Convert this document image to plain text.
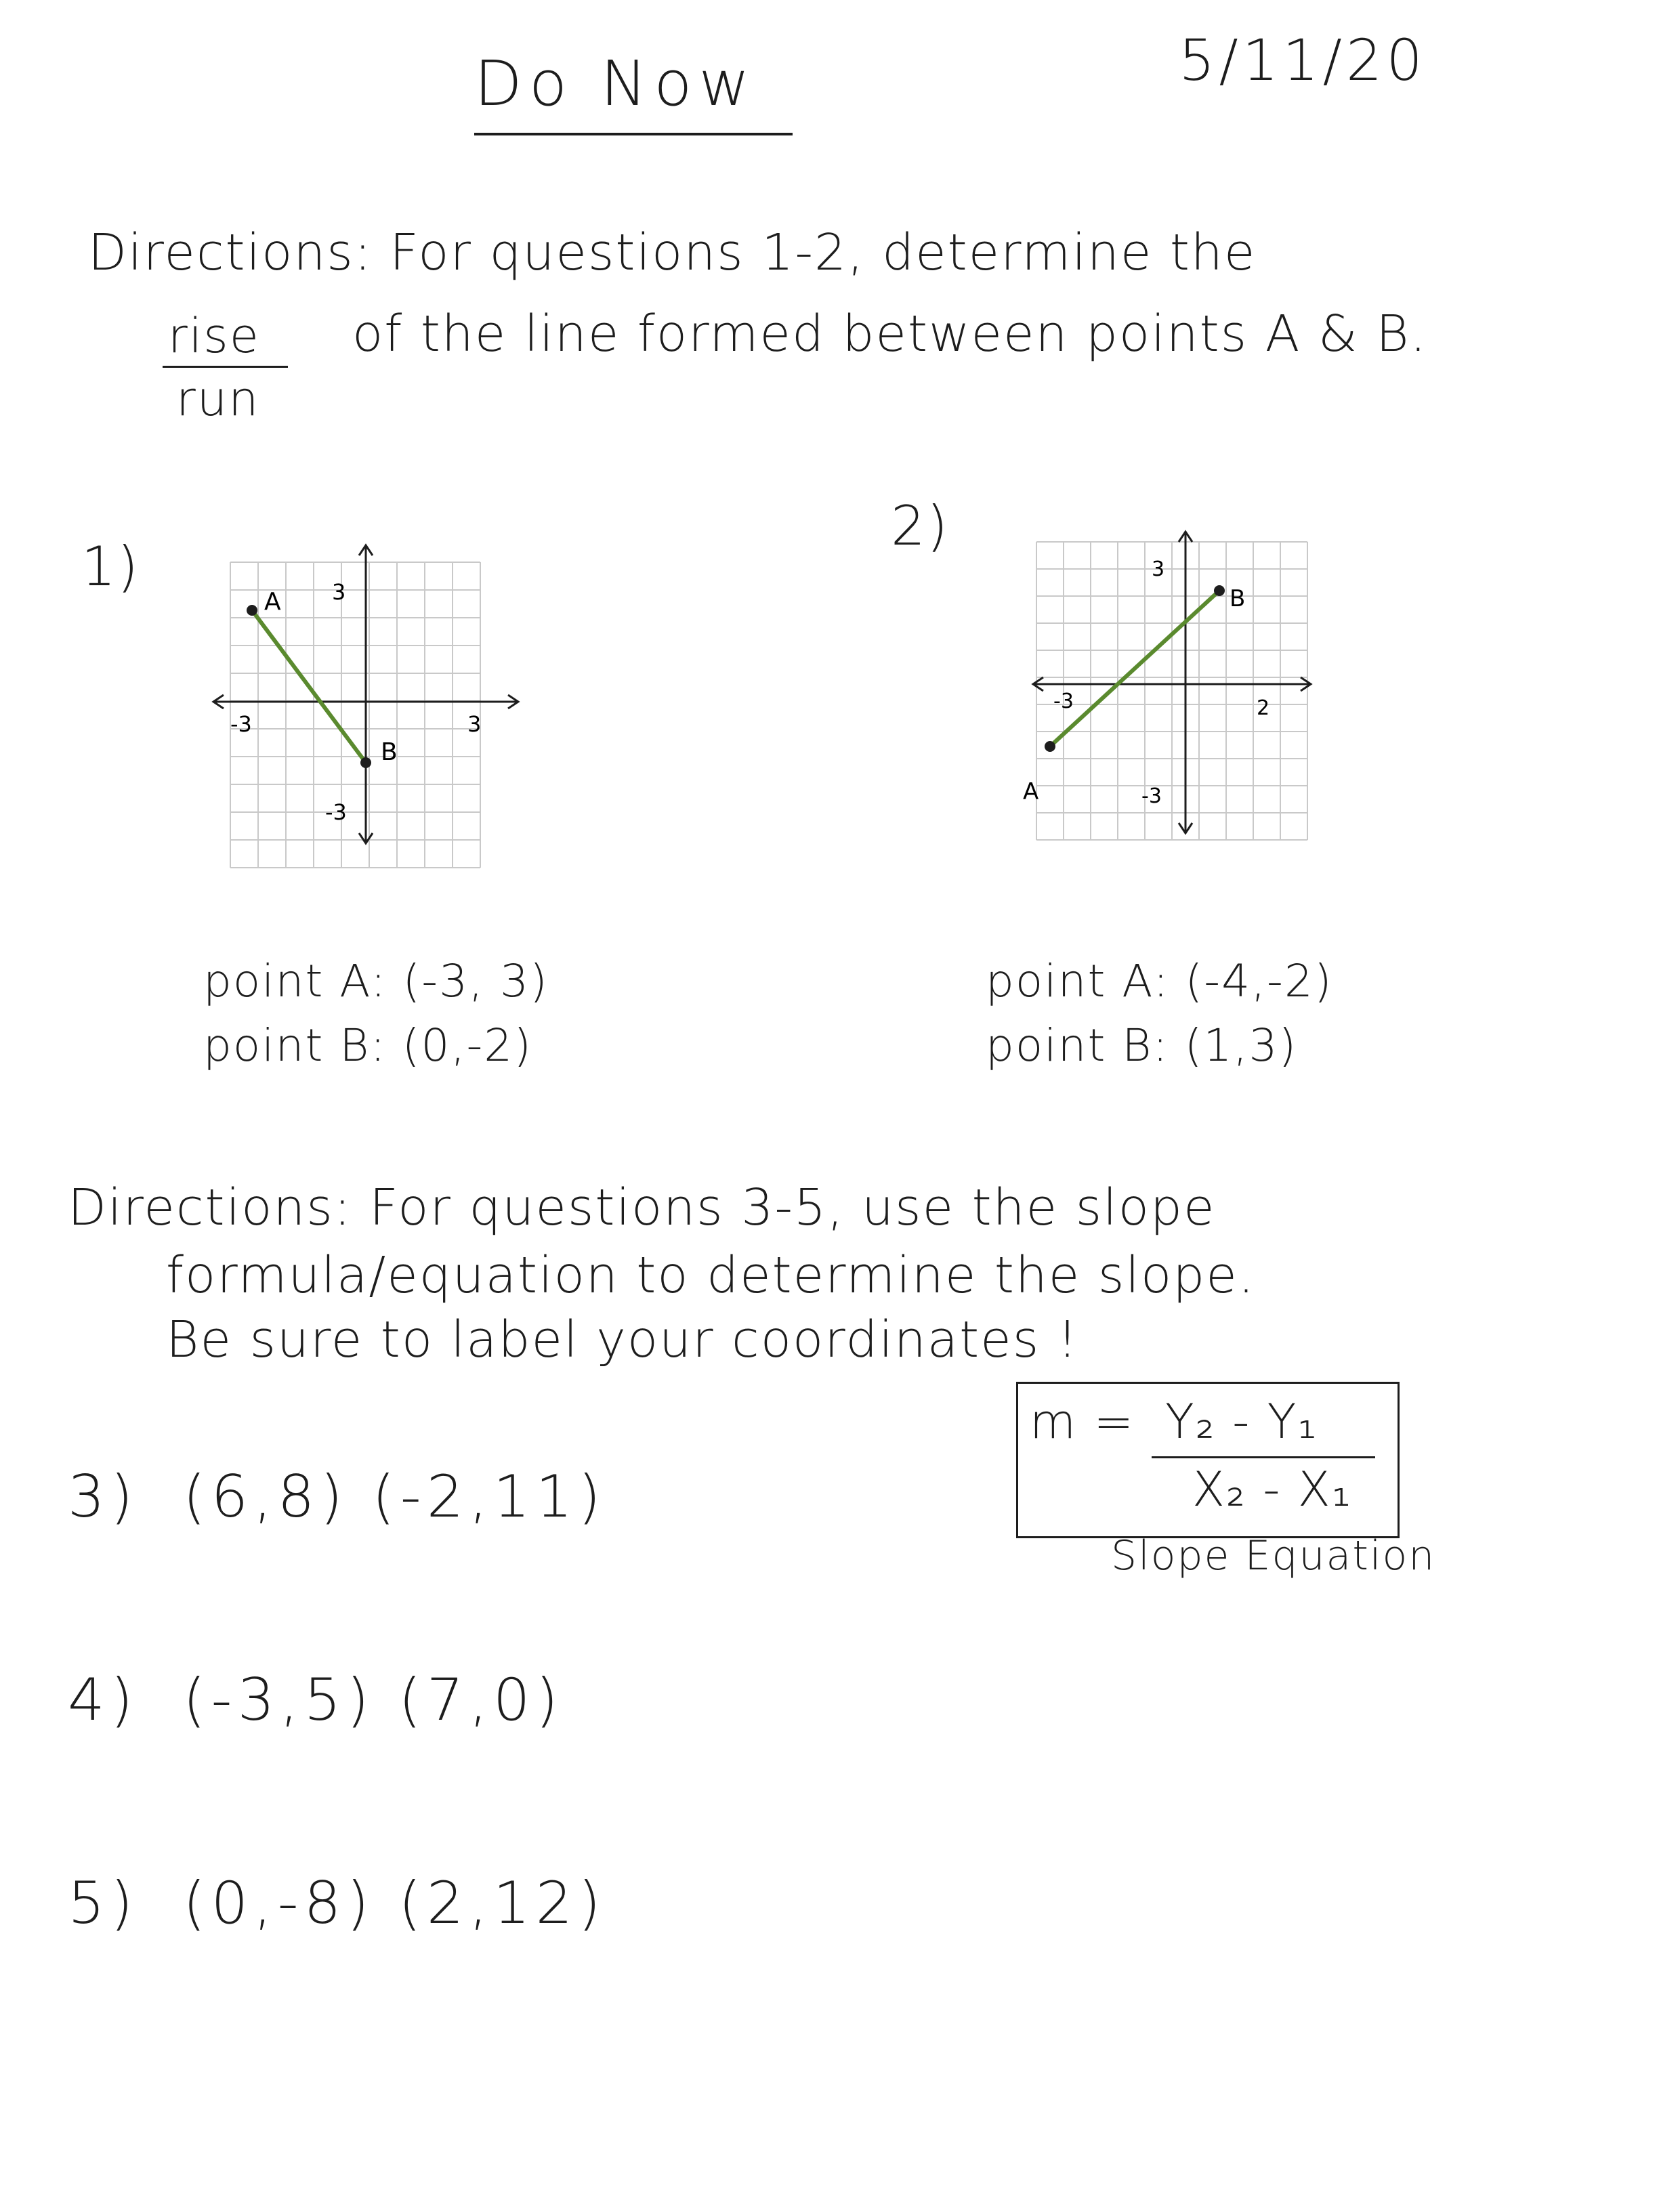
Do Now	5/11/20
Directions: For questions 1-2, determine the
rise
run
of the line formed between points A & B.
1)
A
B
-3	3
3
-3
point A: (-3, 3)
point B: (0,-2)
2)
A
B
-3	2
3
-3
point A: (-4,-2)
point B: (1,3)
Directions: For questions 3-5, use the slope
formula/equation to determine the slope.
Be sure to label your coordinates !
m = Y₂ - Y₁
X₂ - X₁
Slope Equation
3) (6,8) (-2,11)
4) (-3,5) (7,0)
5) (0,-8) (2,12)
